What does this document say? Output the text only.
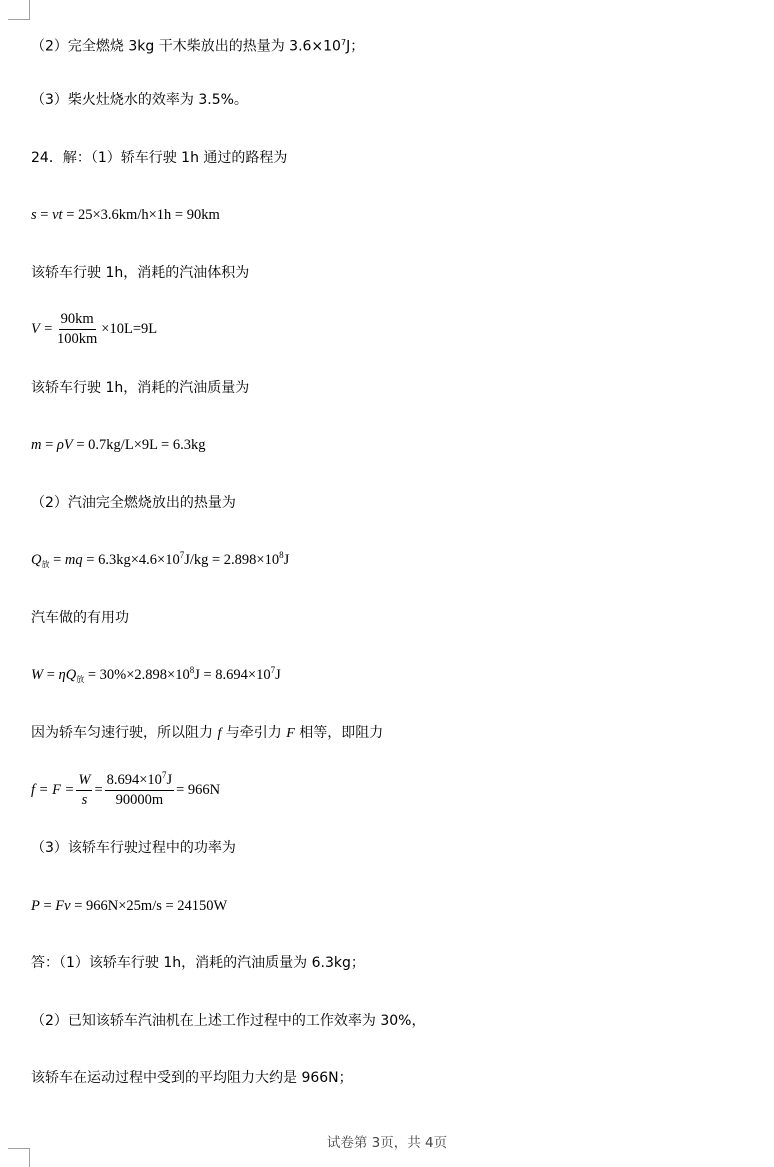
（2）完全燃烧 3kg 干木柴放出的热量为 $3.6\times 10^7J$；
（3）柴火灶烧水的效率为 3.5%。
24．解：（1）轿车行驶 1h 通过的路程为
s = vt = 25×3.6km/h×1h = 90km
该轿车行驶 1h，消耗的汽油体积为
$V = \frac{90km}{100km} \times 10L=9L$
该轿车行驶 1h，消耗的汽油质量为
m = ρV = 0.7kg/L×9L = 6.3kg
（2）汽油完全燃烧放出的热量为
$Q_放$ = mq = $6.3kg\times 4.6\times 10^7J/kg = 2.898\times 10^8J$
汽车做的有用功
$W = \eta Q_放 = 30\%\times 2.898\times 10^8J = 8.694\times 10^7J$
因为轿车匀速行驶，所以阻力 f 与牵引力 F 相等，即阻力
$f = F = \frac{W}{s} = \frac{8.694\times 10^7J}{90000m} = 966N$
（3）该轿车行驶过程中的功率为
P = Fv = 966N×25m/s = 24150W
答：（1）该轿车行驶 1h，消耗的汽油质量为 6.3kg；
（2）已知该轿车汽油机在上述工作过程中的工作效率为 30%，
该轿车在运动过程中受到的平均阻力大约是 966N；
试卷第 3页，共 4页
